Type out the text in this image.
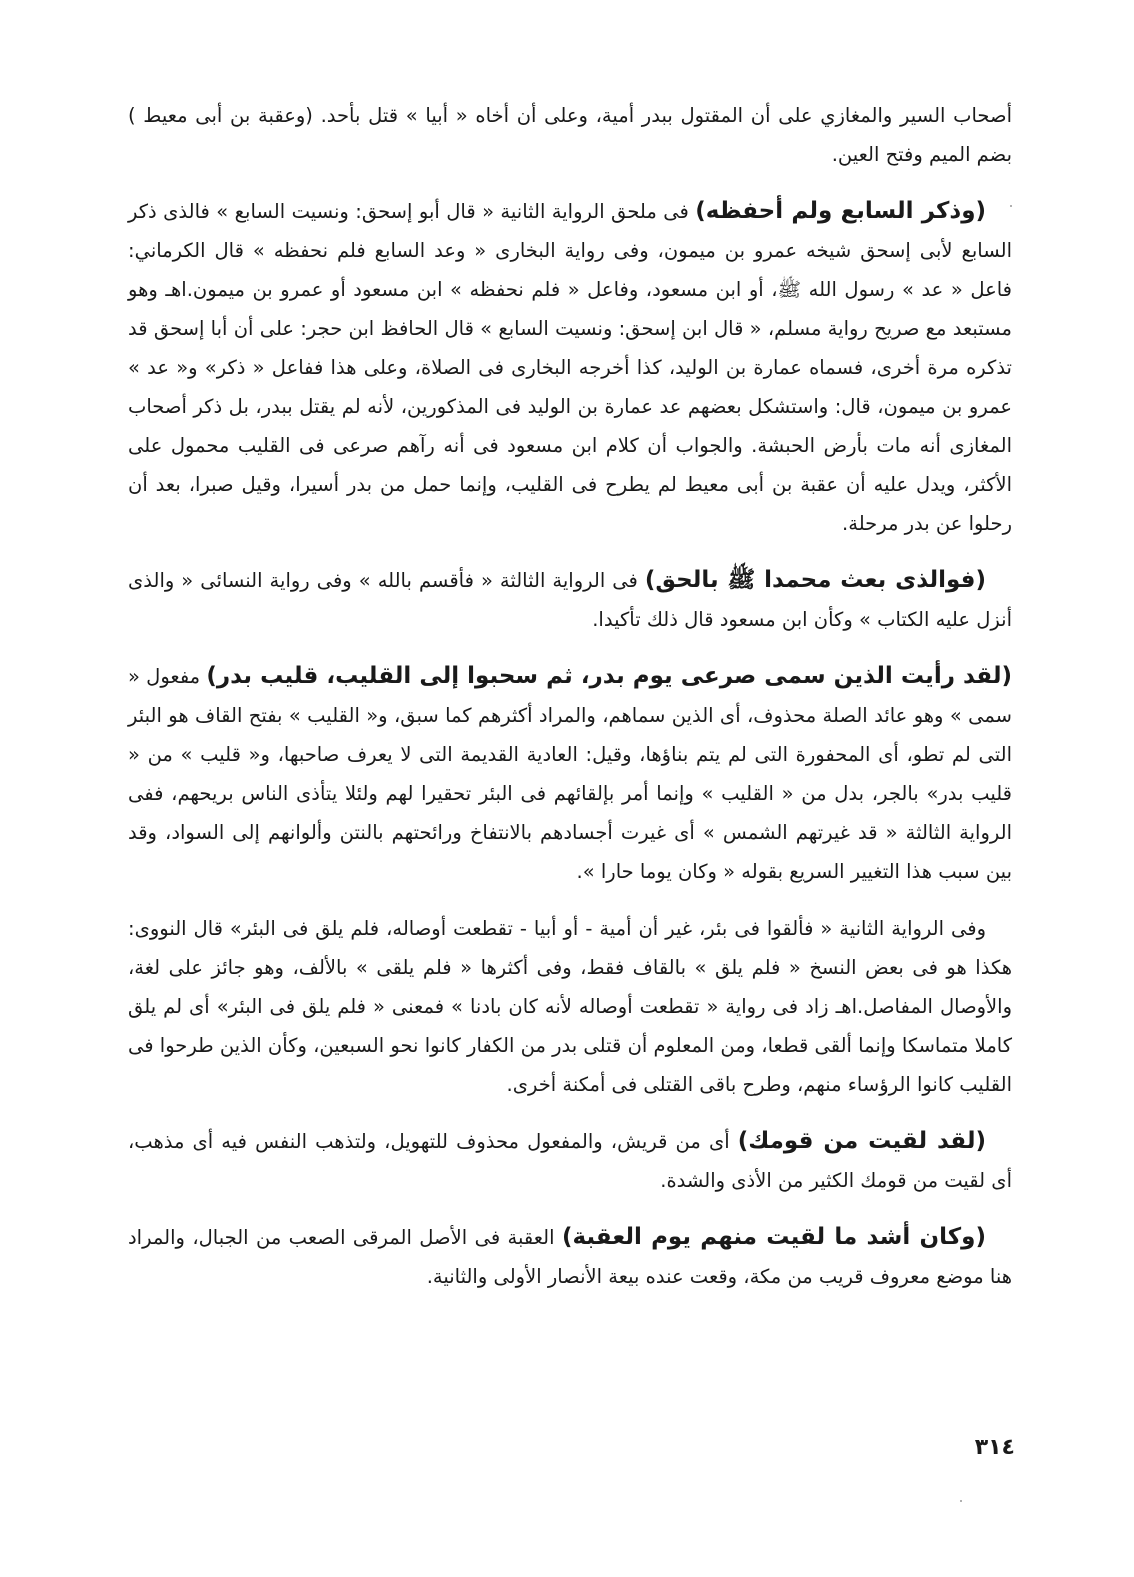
أصحاب السير والمغازي على أن المقتول ببدر أمية، وعلى أن أخاه « أبيا » قتل بأحد. (وعقبة بن أبى معيط ) بضم الميم وفتح العين.

(وذكر السابع ولم أحفظه) فى ملحق الرواية الثانية « قال أبو إسحق: ونسيت السابع » فالذى ذكر السابع لأبى إسحق شيخه عمرو بن ميمون، وفى رواية البخارى « وعد السابع فلم نحفظه » قال الكرماني: فاعل « عد » رسول الله ﷺ، أو ابن مسعود، وفاعل « فلم نحفظه » ابن مسعود أو عمرو بن ميمون.اهـ وهو مستبعد مع صريح رواية مسلم، « قال ابن إسحق: ونسيت السابع » قال الحافظ ابن حجر: على أن أبا إسحق قد تذكره مرة أخرى، فسماه عمارة بن الوليد، كذا أخرجه البخارى فى الصلاة، وعلى هذا ففاعل « ذكر» و« عد » عمرو بن ميمون، قال: واستشكل بعضهم عد عمارة بن الوليد فى المذكورين، لأنه لم يقتل ببدر، بل ذكر أصحاب المغازى أنه مات بأرض الحبشة. والجواب أن كلام ابن مسعود فى أنه رآهم صرعى فى القليب محمول على الأكثر، ويدل عليه أن عقبة بن أبى معيط لم يطرح فى القليب، وإنما حمل من بدر أسيرا، وقيل صبرا، بعد أن رحلوا عن بدر مرحلة.

(فوالذى بعث محمدا ﷺ بالحق) فى الرواية الثالثة « فأقسم بالله » وفى رواية النسائى « والذى أنزل عليه الكتاب » وكأن ابن مسعود قال ذلك تأكيدا.

(لقد رأيت الذين سمى صرعى يوم بدر، ثم سحبوا إلى القليب، قليب بدر) مفعول « سمى » وهو عائد الصلة محذوف، أى الذين سماهم، والمراد أكثرهم كما سبق، و« القليب » بفتح القاف هو البئر التى لم تطو، أى المحفورة التى لم يتم بناؤها، وقيل: العادية القديمة التى لا يعرف صاحبها، و« قليب » من « قليب بدر» بالجر، بدل من « القليب » وإنما أمر بإلقائهم فى البئر تحقيرا لهم ولئلا يتأذى الناس بريحهم، ففى الرواية الثالثة « قد غيرتهم الشمس » أى غيرت أجسادهم بالانتفاخ ورائحتهم بالنتن وألوانهم إلى السواد، وقد بين سبب هذا التغيير السريع بقوله « وكان يوما حارا ».

وفى الرواية الثانية « فألقوا فى بئر، غير أن أمية - أو أبيا - تقطعت أوصاله، فلم يلق فى البئر» قال النووى: هكذا هو فى بعض النسخ « فلم يلق » بالقاف فقط، وفى أكثرها « فلم يلقى » بالألف، وهو جائز على لغة، والأوصال المفاصل.اهـ زاد فى رواية « تقطعت أوصاله لأنه كان بادنا » فمعنى « فلم يلق فى البئر» أى لم يلق كاملا متماسكا وإنما ألقى قطعا، ومن المعلوم أن قتلى بدر من الكفار كانوا نحو السبعين، وكأن الذين طرحوا فى القليب كانوا الرؤساء منهم، وطرح باقى القتلى فى أمكنة أخرى.

(لقد لقيت من قومك) أى من قريش، والمفعول محذوف للتهويل، ولتذهب النفس فيه أى مذهب، أى لقيت من قومك الكثير من الأذى والشدة.

(وكان أشد ما لقيت منهم يوم العقبة) العقبة فى الأصل المرقى الصعب من الجبال، والمراد هنا موضع معروف قريب من مكة، وقعت عنده بيعة الأنصار الأولى والثانية.

٣١٤
